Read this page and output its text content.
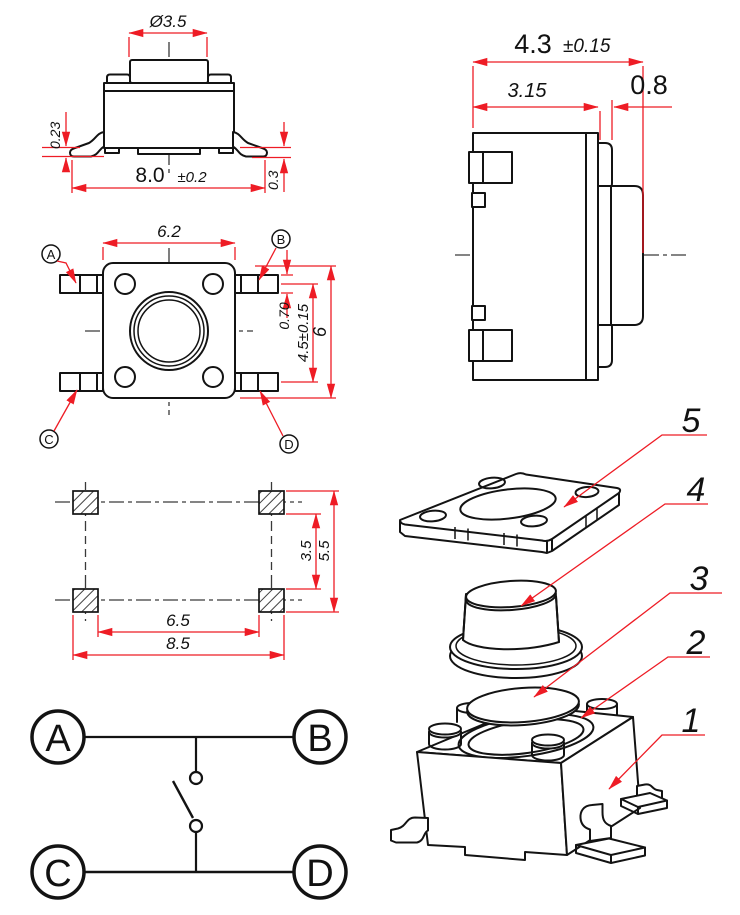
Ø3.5
0.23
8.0 ±0.2	0.3
4.3 ±0.15
3.15	0.8
A
B
C	D
6.2
0.70 4.5±0.15
6
3.5 5.5
6.5
8.5
A	B
C	D
5
4
3
2
1
